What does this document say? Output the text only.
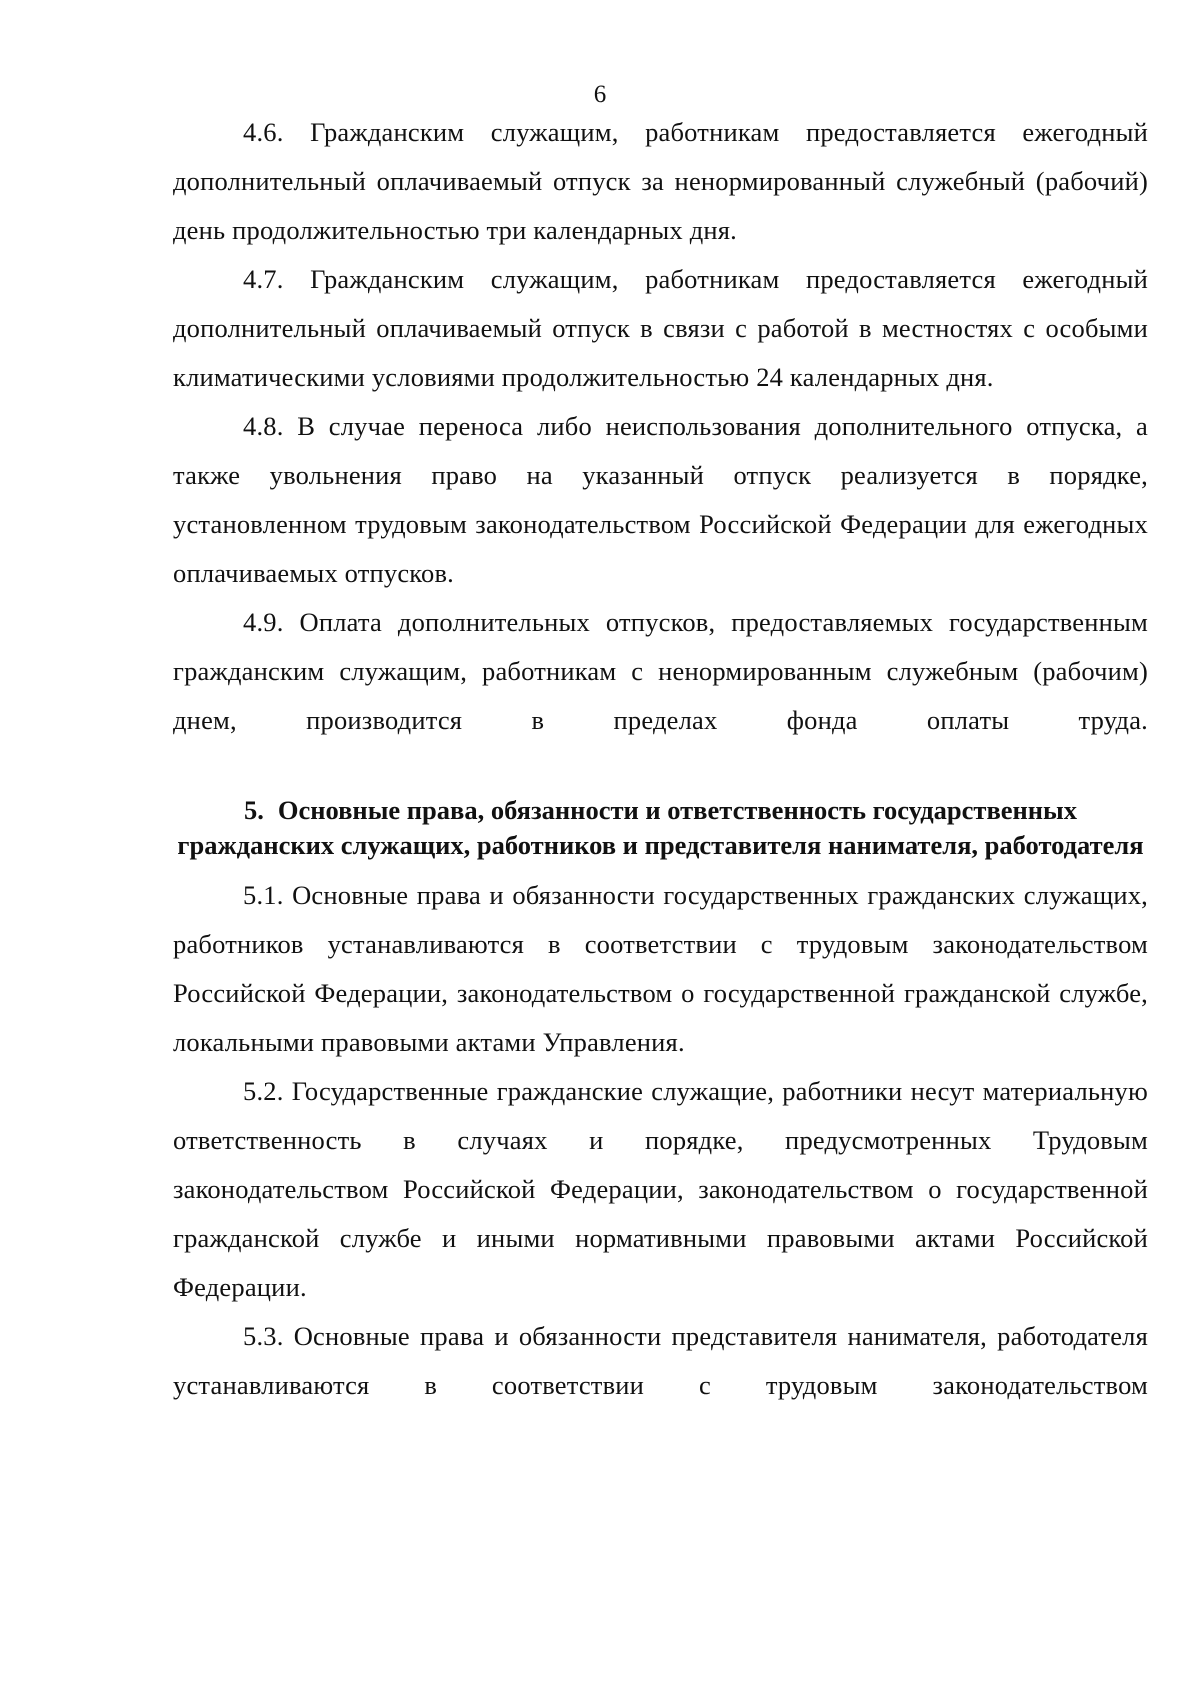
6

4.6. Гражданским служащим, работникам предоставляется ежегодный дополнительный оплачиваемый отпуск за ненормированный служебный (рабочий) день продолжительностью три календарных дня.

4.7. Гражданским служащим, работникам предоставляется ежегодный дополнительный оплачиваемый отпуск в связи с работой в местностях с особыми климатическими условиями продолжительностью 24 календарных дня.

4.8. В случае переноса либо неиспользования дополнительного отпуска, а также увольнения право на указанный отпуск реализуется в порядке, установленном трудовым законодательством Российской Федерации для ежегодных оплачиваемых отпусков.

4.9. Оплата дополнительных отпусков, предоставляемых государственным гражданским служащим, работникам с ненормированным служебным (рабочим) днем, производится в пределах фонда оплаты труда.

5. Основные права, обязанности и ответственность государственных гражданских служащих, работников и представителя нанимателя, работодателя

5.1. Основные права и обязанности государственных гражданских служащих, работников устанавливаются в соответствии с трудовым законодательством Российской Федерации, законодательством о государственной гражданской службе, локальными правовыми актами Управления.

5.2. Государственные гражданские служащие, работники несут материальную ответственность в случаях и порядке, предусмотренных Трудовым законодательством Российской Федерации, законодательством о государственной гражданской службе и иными нормативными правовыми актами Российской Федерации.

5.3. Основные права и обязанности представителя нанимателя, работодателя устанавливаются в соответствии с трудовым законодательством
